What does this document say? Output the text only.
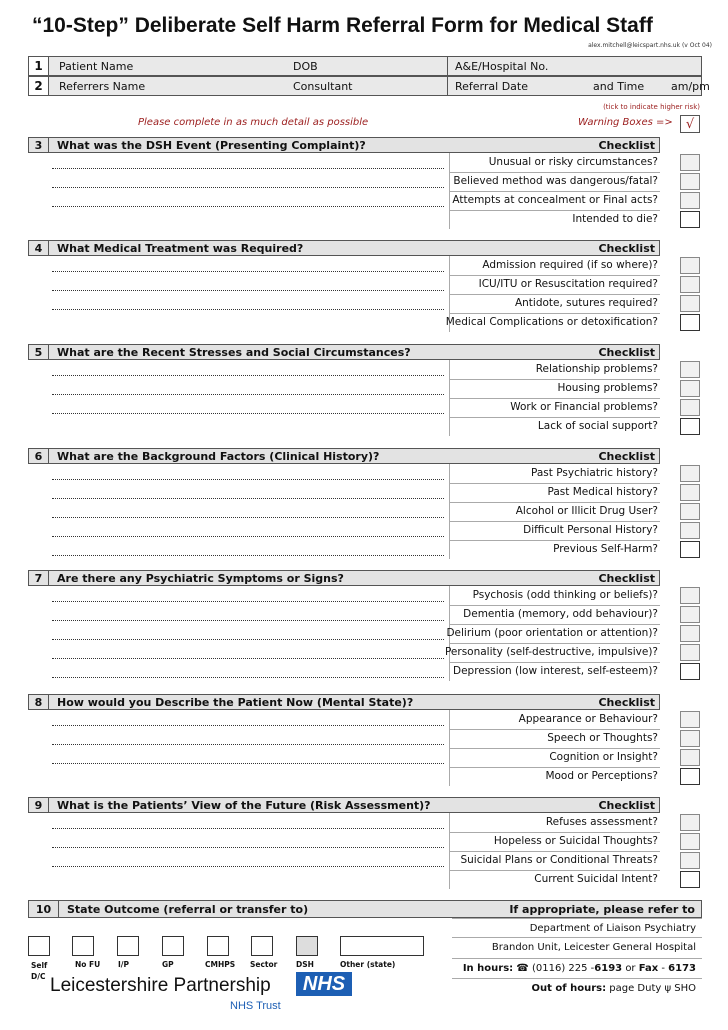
“10-Step” Deliberate Self Harm Referral Form for Medical Staff
alex.mitchell@leicspart.nhs.uk (v Oct 04)
1	Patient Name	DOB	A&E/Hospital No.
2	Referrers Name	Consultant	Referral Date	and Time	am/pm
(tick to indicate higher risk)
Please complete in as much detail as possible	Warning Boxes =>	√
3	What was the DSH Event (Presenting Complaint)?	Checklist
Unusual or risky circumstances?
Believed method was dangerous/fatal?
Attempts at concealment or Final acts?
Intended to die?
4	What Medical Treatment was Required?	Checklist
Admission required (if so where)?
ICU/ITU or Resuscitation required?
Antidote, sutures required?
Medical Complications or detoxification?
5	What are the Recent Stresses and Social Circumstances?	Checklist
Relationship problems?
Housing problems?
Work or Financial problems?
Lack of social support?
6	What are the Background Factors (Clinical History)?	Checklist
Past Psychiatric history?
Past Medical history?
Alcohol or Illicit Drug User?
Difficult Personal History?
Previous Self-Harm?
7	Are there any Psychiatric Symptoms or Signs?	Checklist
Psychosis (odd thinking or beliefs)?
Dementia (memory, odd behaviour)?
Delirium (poor orientation or attention)?
Personality (self-destructive, impulsive)?
Depression (low interest, self-esteem)?
8	How would you Describe the Patient Now (Mental State)?	Checklist
Appearance or Behaviour?
Speech or Thoughts?
Cognition or Insight?
Mood or Perceptions?
9	What is the Patients’ View of the Future (Risk Assessment)?	Checklist
Refuses assessment?
Hopeless or Suicidal Thoughts?
Suicidal Plans or Conditional Threats?
Current Suicidal Intent?
10	State Outcome (referral or transfer to)	If appropriate, please refer to
Self D/C
No FU I/P	GP	CMHPS Sector DSH	Other (state)
Department of Liaison Psychiatry
Brandon Unit, Leicester General Hospital
In hours:
☎ (0116) 225 - 6193
or
Fax - 6173
Out of hours:
page Duty ψ SHO
Leicestershire Partnership	NHS
NHS Trust
